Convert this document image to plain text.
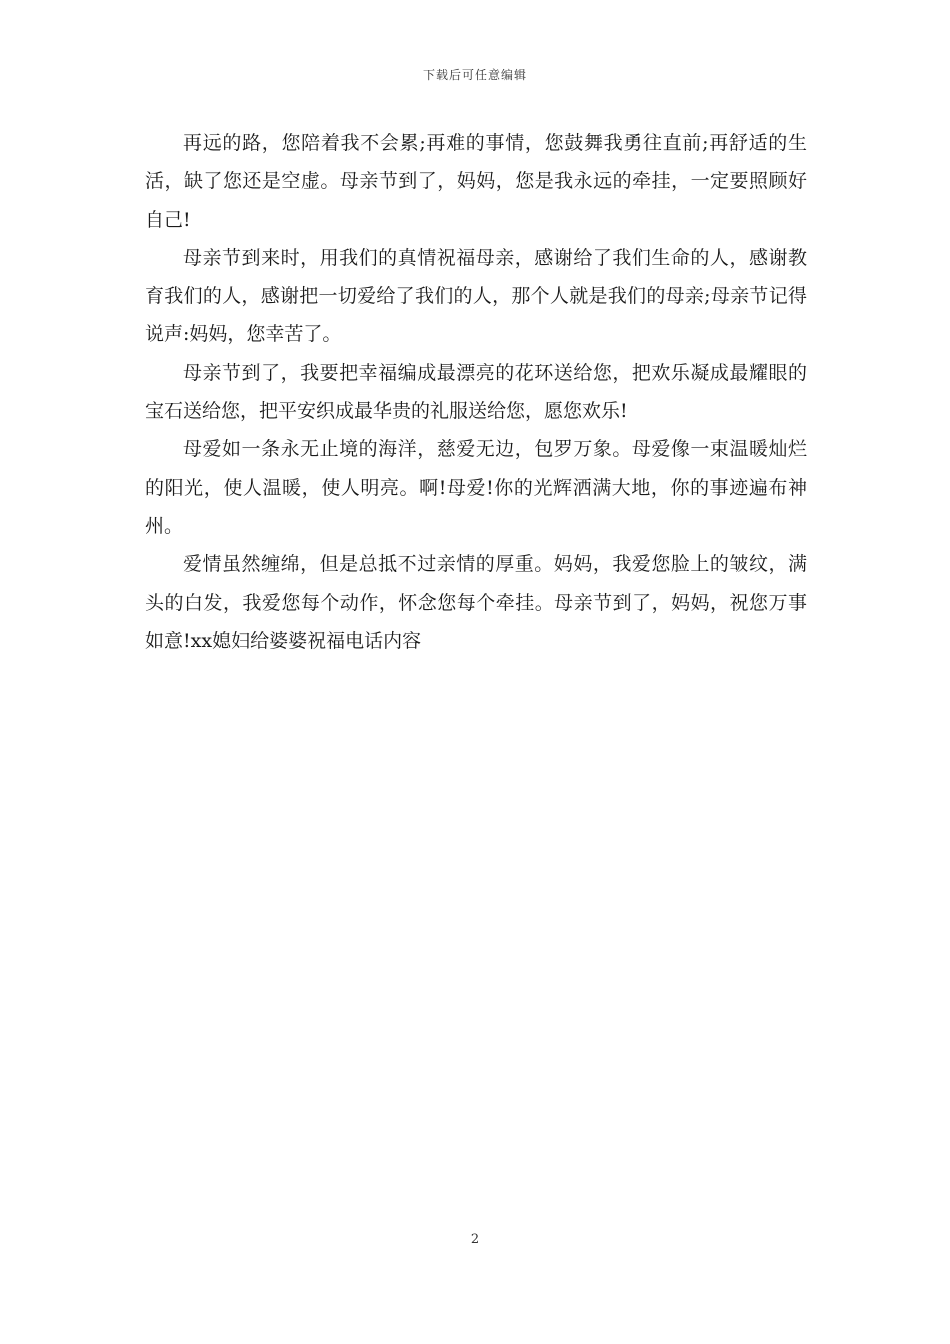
下载后可任意编辑

再远的路，您陪着我不会累;再难的事情，您鼓舞我勇往直前;再舒适的生活，缺了您还是空虚。母亲节到了，妈妈，您是我永远的牵挂，一定要照顾好自己!

母亲节到来时，用我们的真情祝福母亲，感谢给了我们生命的人，感谢教育我们的人，感谢把一切爱给了我们的人，那个人就是我们的母亲;母亲节记得说声:妈妈，您幸苦了。

母亲节到了，我要把幸福编成最漂亮的花环送给您，把欢乐凝成最耀眼的宝石送给您，把平安织成最华贵的礼服送给您，愿您欢乐!

母爱如一条永无止境的海洋，慈爱无边，包罗万象。母爱像一束温暖灿烂的阳光，使人温暖，使人明亮。啊!母爱!你的光辉洒满大地，你的事迹遍布神州。

爱情虽然缠绵，但是总抵不过亲情的厚重。妈妈，我爱您脸上的皱纹，满头的白发，我爱您每个动作，怀念您每个牵挂。母亲节到了，妈妈，祝您万事如意!xx媳妇给婆婆祝福电话内容

2
